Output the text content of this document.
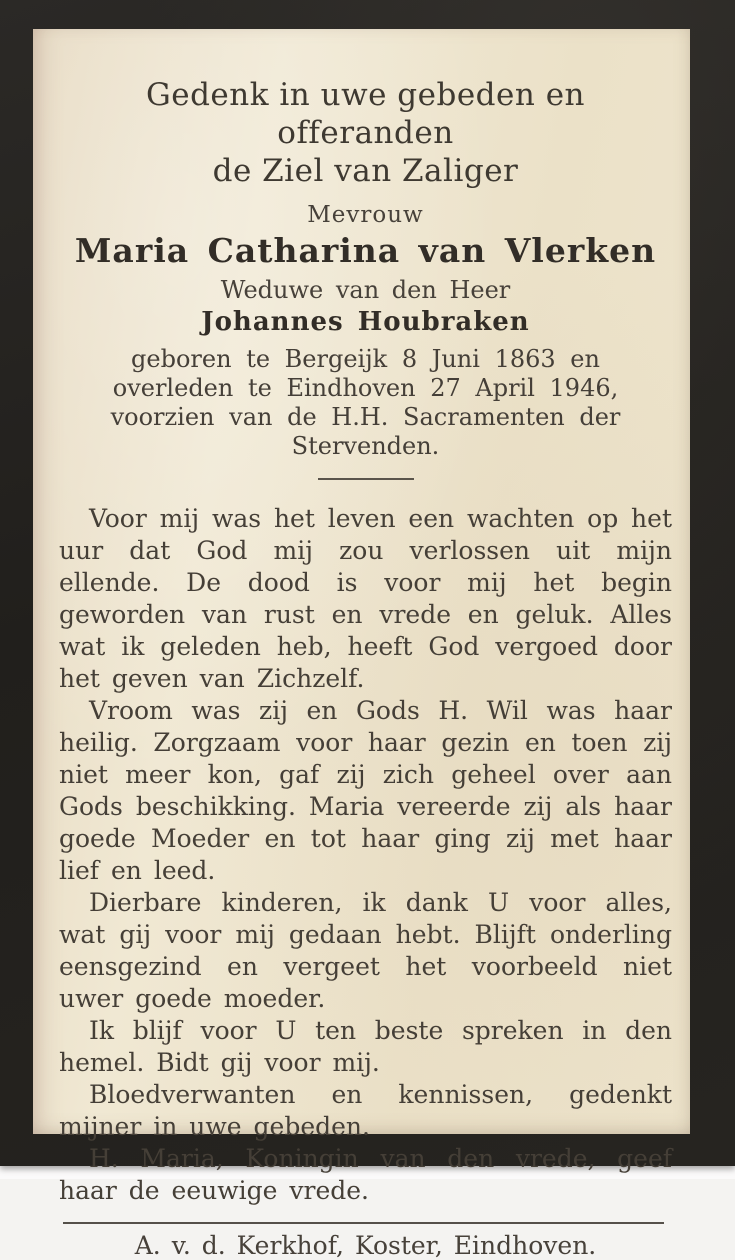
Gedenk in uwe gebeden en offeranden
de Ziel van Zaliger
Mevrouw
Maria Catharina van Vlerken
Weduwe van den Heer
Johannes Houbraken
geboren te Bergeijk 8 Juni 1863 en overleden te Eindhoven 27 April 1946, voorzien van de H.H. Sacramenten der Stervenden.

Voor mij was het leven een wachten op het uur dat God mij zou verlossen uit mijn ellende. De dood is voor mij het begin geworden van rust en vrede en geluk. Alles wat ik geleden heb, heeft God vergoed door het geven van Zichzelf.

Vroom was zij en Gods H. Wil was haar heilig. Zorgzaam voor haar gezin en toen zij niet meer kon, gaf zij zich geheel over aan Gods beschikking. Maria vereerde zij als haar goede Moeder en tot haar ging zij met haar lief en leed.

Dierbare kinderen, ik dank U voor alles, wat gij voor mij gedaan hebt. Blijft onderling eensgezind en vergeet het voorbeeld niet uwer goede moeder.

Ik blijf voor U ten beste spreken in den hemel. Bidt gij voor mij.

Bloedverwanten en kennissen, gedenkt mijner in uwe gebeden.

H. Maria, Koningin van den vrede, geef haar de eeuwige vrede.

A. v. d. Kerkhof, Koster, Eindhoven.
